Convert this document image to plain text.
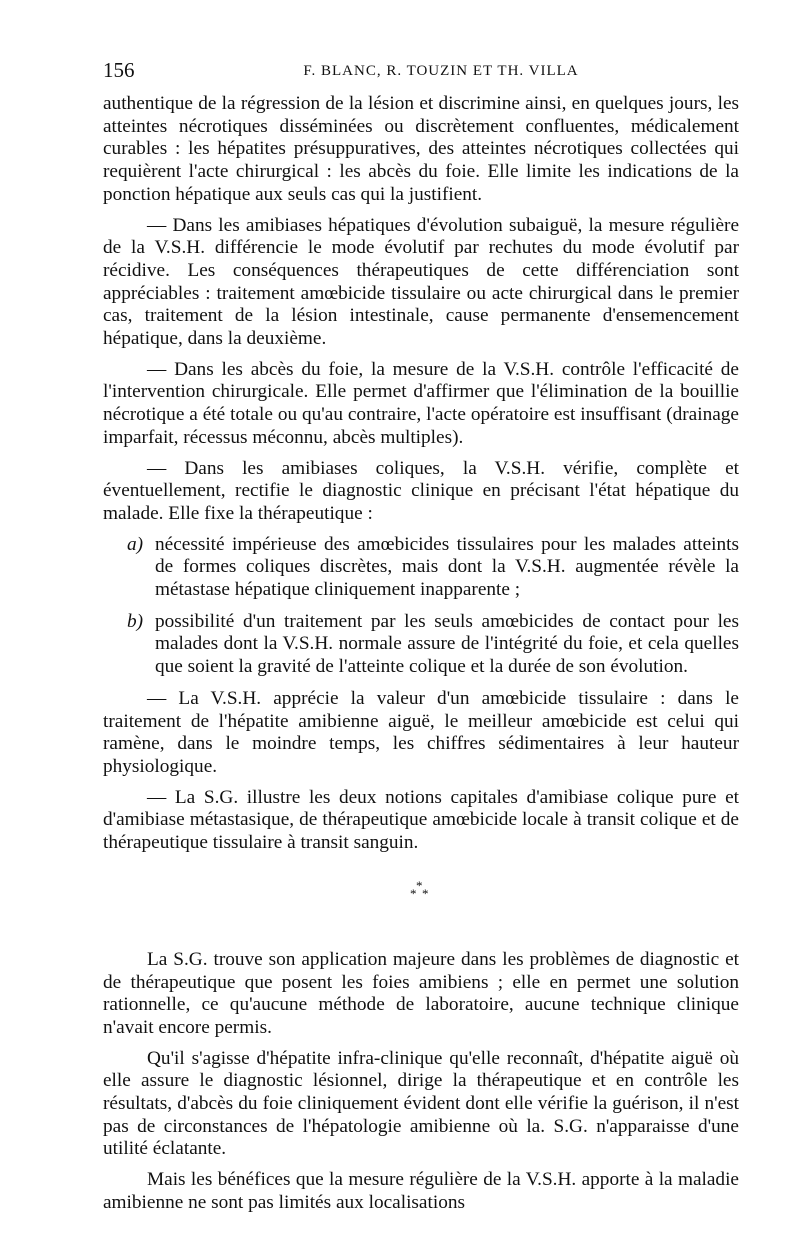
156	F. BLANC, R. TOUZIN ET TH. VILLA

authentique de la régression de la lésion et discrimine ainsi, en quelques jours, les atteintes nécrotiques disséminées ou discrètement confluentes, médicalement curables : les hépatites présuppuratives, des atteintes nécrotiques collectées qui requièrent l'acte chirurgical : les abcès du foie. Elle limite les indications de la ponction hépatique aux seuls cas qui la justifient.

— Dans les amibiases hépatiques d'évolution subaiguë, la mesure régulière de la V.S.H. différencie le mode évolutif par rechutes du mode évolutif par récidive. Les conséquences thérapeutiques de cette différenciation sont appréciables : traitement amœbicide tissulaire ou acte chirurgical dans le premier cas, traitement de la lésion intestinale, cause permanente d'ensemencement hépatique, dans la deuxième.

— Dans les abcès du foie, la mesure de la V.S.H. contrôle l'efficacité de l'intervention chirurgicale. Elle permet d'affirmer que l'élimination de la bouillie nécrotique a été totale ou qu'au contraire, l'acte opératoire est insuffisant (drainage imparfait, récessus méconnu, abcès multiples).

— Dans les amibiases coliques, la V.S.H. vérifie, complète et éventuellement, rectifie le diagnostic clinique en précisant l'état hépatique du malade. Elle fixe la thérapeutique :

a) nécessité impérieuse des amœbicides tissulaires pour les malades atteints de formes coliques discrètes, mais dont la V.S.H. augmentée révèle la métastase hépatique cliniquement inapparente ;
b) possibilité d'un traitement par les seuls amœbicides de contact pour les malades dont la V.S.H. normale assure de l'intégrité du foie, et cela quelles que soient la gravité de l'atteinte colique et la durée de son évolution.

— La V.S.H. apprécie la valeur d'un amœbicide tissulaire : dans le traitement de l'hépatite amibienne aiguë, le meilleur amœbicide est celui qui ramène, dans le moindre temps, les chiffres sédimentaires à leur hauteur physiologique.

— La S.G. illustre les deux notions capitales d'amibiase colique pure et d'amibiase métastasique, de thérapeutique amœbicide locale à transit colique et de thérapeutique tissulaire à transit sanguin.

*
* *

La S.G. trouve son application majeure dans les problèmes de diagnostic et de thérapeutique que posent les foies amibiens ; elle en permet une solution rationnelle, ce qu'aucune méthode de laboratoire, aucune technique clinique n'avait encore permis.

Qu'il s'agisse d'hépatite infra-clinique qu'elle reconnaît, d'hépatite aiguë où elle assure le diagnostic lésionnel, dirige la thérapeutique et en contrôle les résultats, d'abcès du foie cliniquement évident dont elle vérifie la guérison, il n'est pas de circonstances de l'hépatologie amibienne où la. S.G. n'apparaisse d'une utilité éclatante.

Mais les bénéfices que la mesure régulière de la V.S.H. apporte à la maladie amibienne ne sont pas limités aux localisations
